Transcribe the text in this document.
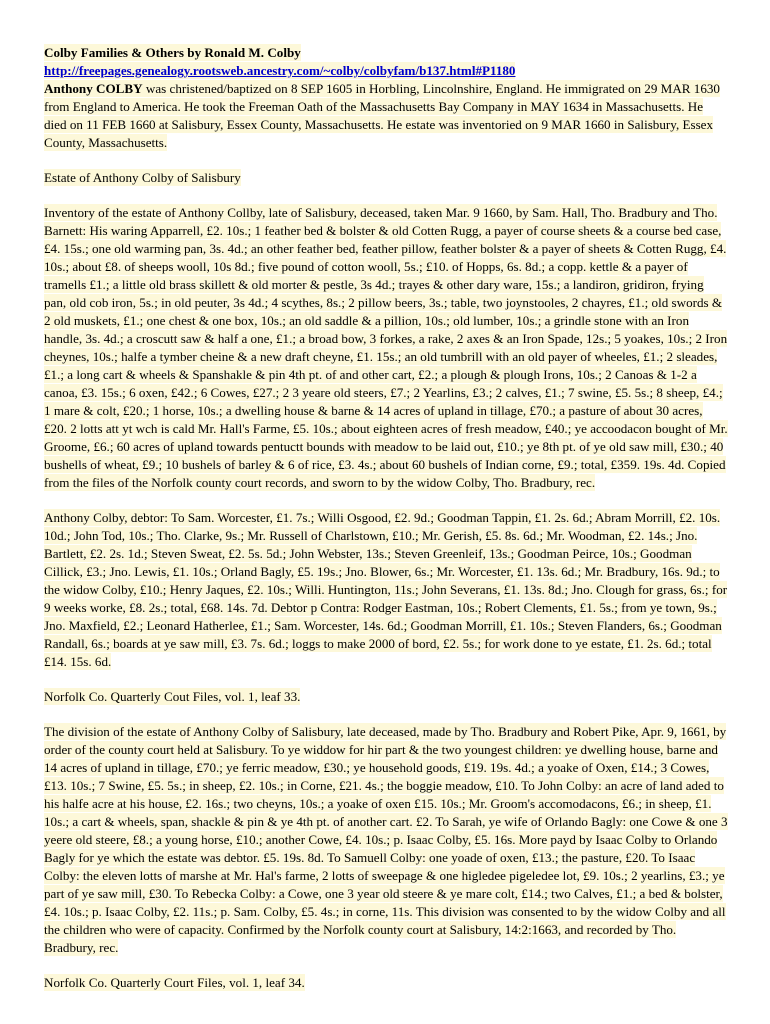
Colby Families & Others by Ronald M. Colby

http://freepages.genealogy.rootsweb.ancestry.com/~colby/colbyfam/b137.html#P1180

Anthony COLBY was christened/baptized on 8 SEP 1605 in Horbling, Lincolnshire, England. He immigrated on 29 MAR 1630 from England to America. He took the Freeman Oath of the Massachusetts Bay Company in MAY 1634 in Massachusetts. He died on 11 FEB 1660 at Salisbury, Essex County, Massachusetts. He estate was inventoried on 9 MAR 1660 in Salisbury, Essex County, Massachusetts.

Estate of Anthony Colby of Salisbury

Inventory of the estate of Anthony Collby, late of Salisbury, deceased, taken Mar. 9 1660, by Sam. Hall, Tho. Bradbury and Tho. Barnett: His waring Apparrell, £2. 10s.; 1 feather bed & bolster & old Cotten Rugg, a payer of course sheets & a course bed case, £4. 15s.; one old warming pan, 3s. 4d.; an other feather bed, feather pillow, feather bolster & a payer of sheets & Cotten Rugg, £4. 10s.; about £8. of sheeps wooll, 10s 8d.; five pound of cotton wooll, 5s.; £10. of Hopps, 6s. 8d.; a copp. kettle & a payer of tramells £1.; a little old brass skillett & old morter & pestle, 3s 4d.; trayes & other dary ware, 15s.; a landiron, gridiron, frying pan, old cob iron, 5s.; in old peuter, 3s 4d.; 4 scythes, 8s.; 2 pillow beers, 3s.; table, two joynstooles, 2 chayres, £1.; old swords & 2 old muskets, £1.; one chest & one box, 10s.; an old saddle & a pillion, 10s.; old lumber, 10s.; a grindle stone with an Iron handle, 3s. 4d.; a croscutt saw & half a one, £1.; a broad bow, 3 forkes, a rake, 2 axes & an Iron Spade, 12s.; 5 yoakes, 10s.; 2 Iron cheynes, 10s.; halfe a tymber cheine & a new draft cheyne, £1. 15s.; an old tumbrill with an old payer of wheeles, £1.; 2 sleades, £1.; a long cart & wheels & Spanshakle & pin 4th pt. of and other cart, £2.; a plough & plough Irons, 10s.; 2 Canoas & 1-2 a canoa, £3. 15s.; 6 oxen, £42.; 6 Cowes, £27.; 2 3 yeare old steers, £7.; 2 Yearlins, £3.; 2 calves, £1.; 7 swine, £5. 5s.; 8 sheep, £4.; 1 mare & colt, £20.; 1 horse, 10s.; a dwelling house & barne & 14 acres of upland in tillage, £70.; a pasture of about 30 acres, £20. 2 lotts att yt wch is cald Mr. Hall's Farme, £5. 10s.; about eighteen acres of fresh meadow, £40.; ye accoodacon bought of Mr. Groome, £6.; 60 acres of upland towards pentuctt bounds with meadow to be laid out, £10.; ye 8th pt. of ye old saw mill, £30.; 40 bushells of wheat, £9.; 10 bushels of barley & 6 of rice, £3. 4s.; about 60 bushels of Indian corne, £9.; total, £359. 19s. 4d. Copied from the files of the Norfolk county court records, and sworn to by the widow Colby, Tho. Bradbury, rec.

Anthony Colby, debtor: To Sam. Worcester, £1. 7s.; Willi Osgood, £2. 9d.; Goodman Tappin, £1. 2s. 6d.; Abram Morrill, £2. 10s. 10d.; John Tod, 10s.; Tho. Clarke, 9s.; Mr. Russell of Charlstown, £10.; Mr. Gerish, £5. 8s. 6d.; Mr. Woodman, £2. 14s.; Jno. Bartlett, £2. 2s. 1d.; Steven Sweat, £2. 5s. 5d.; John Webster, 13s.; Steven Greenleif, 13s.; Goodman Peirce, 10s.; Goodman Cillick, £3.; Jno. Lewis, £1. 10s.; Orland Bagly, £5. 19s.; Jno. Blower, 6s.; Mr. Worcester, £1. 13s. 6d.; Mr. Bradbury, 16s. 9d.; to the widow Colby, £10.; Henry Jaques, £2. 10s.; Willi. Huntington, 11s.; John Severans, £1. 13s. 8d.; Jno. Clough for grass, 6s.; for 9 weeks worke, £8. 2s.; total, £68. 14s. 7d. Debtor p Contra: Rodger Eastman, 10s.; Robert Clements, £1. 5s.; from ye town, 9s.; Jno. Maxfield, £2.; Leonard Hatherlee, £1.; Sam. Worcester, 14s. 6d.; Goodman Morrill, £1. 10s.; Steven Flanders, 6s.; Goodman Randall, 6s.; boards at ye saw mill, £3. 7s. 6d.; loggs to make 2000 of bord, £2. 5s.; for work done to ye estate, £1. 2s. 6d.; total £14. 15s. 6d.

Norfolk Co. Quarterly Cout Files, vol. 1, leaf 33.

The division of the estate of Anthony Colby of Salisbury, late deceased, made by Tho. Bradbury and Robert Pike, Apr. 9, 1661, by order of the county court held at Salisbury. To ye widdow for hir part & the two youngest children: ye dwelling house, barne and 14 acres of upland in tillage, £70.; ye ferric meadow, £30.; ye household goods, £19. 19s. 4d.; a yoake of Oxen, £14.; 3 Cowes, £13. 10s.; 7 Swine, £5. 5s.; in sheep, £2. 10s.; in Corne, £21. 4s.; the boggie meadow, £10. To John Colby: an acre of land aded to his halfe acre at his house, £2. 16s.; two cheyns, 10s.; a yoake of oxen £15. 10s.; Mr. Groom's accomodacons, £6.; in sheep, £1. 10s.; a cart & wheels, span, shackle & pin & ye 4th pt. of another cart. £2. To Sarah, ye wife of Orlando Bagly: one Cowe & one 3 yeere old steere, £8.; a young horse, £10.; another Cowe, £4. 10s.; p. Isaac Colby, £5. 16s. More payd by Isaac Colby to Orlando Bagly for ye which the estate was debtor. £5. 19s. 8d. To Samuell Colby: one yoade of oxen, £13.; the pasture, £20. To Isaac Colby: the eleven lotts of marshe at Mr. Hal's farme, 2 lotts of sweepage & one higledee pigeledee lot, £9. 10s.; 2 yearlins, £3.; ye part of ye saw mill, £30. To Rebecka Colby: a Cowe, one 3 year old steere & ye mare colt, £14.; two Calves, £1.; a bed & bolster, £4. 10s.; p. Isaac Colby, £2. 11s.; p. Sam. Colby, £5. 4s.; in corne, 11s. This division was consented to by the widow Colby and all the children who were of capacity. Confirmed by the Norfolk county court at Salisbury, 14:2:1663, and recorded by Tho. Bradbury, rec.

Norfolk Co. Quarterly Court Files, vol. 1, leaf 34.
